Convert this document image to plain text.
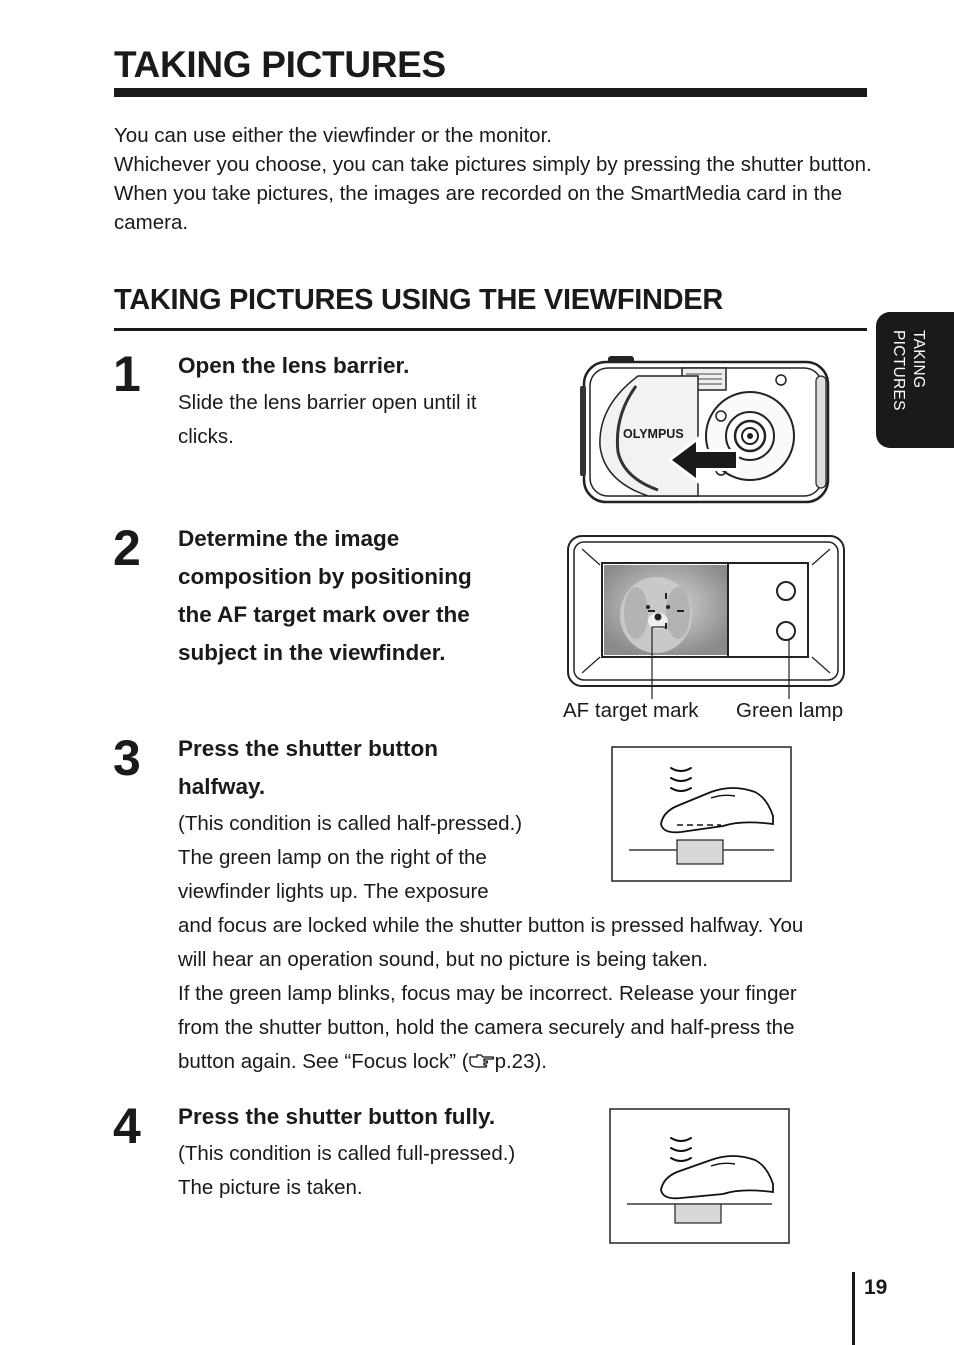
TAKING PICTURES

You can use either the viewfinder or the monitor.

Whichever you choose, you can take pictures simply by pressing the shutter button.

When you take pictures, the images are recorded on the SmartMedia card in the camera.

TAKING PICTURES USING THE VIEWFINDER
TAKING
PICTURES
1 Open the lens barrier.
Slide the lens barrier open until it
clicks.	OLYMPUS
2 Determine the image
composition by positioning
the AF target mark over the
subject in the viewfinder.
AF target mark Green lamp
3 Press the shutter button
halfway.
(This condition is called half-pressed.)
The green lamp on the right of the
viewfinder lights up. The exposure
and focus are locked while the shutter button is pressed halfway. You
will hear an operation sound, but no picture is being taken.
If the green lamp blinks, focus may be incorrect. Release your finger
from the shutter button, hold the camera securely and half-press the
button again. See “Focus lock” ( p.23).
4 Press the shutter button fully.
(This condition is called full-pressed.)
The picture is taken.
19
